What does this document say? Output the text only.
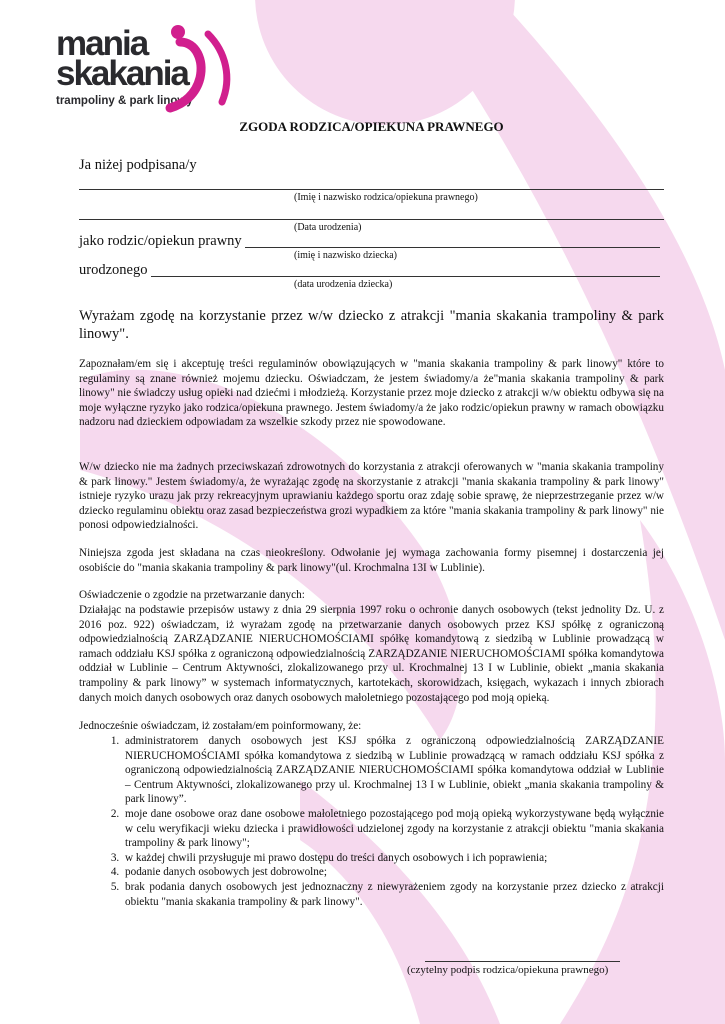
mania
skakania
trampoliny & park linowy
ZGODA RODZICA/OPIEKUNA PRAWNEGO
Ja niżej podpisana/y
(Imię i nazwisko rodzica/opiekuna prawnego)
(Data urodzenia)
jako rodzic/opiekun prawny
(imię i nazwisko dziecka)
urodzonego
(data urodzenia dziecka)
Wyrażam zgodę na korzystanie przez w/w dziecko z atrakcji "mania skakania trampoliny & park linowy".
Zapoznałam/em się i akceptuję treści regulaminów obowiązujących w "mania skakania trampoliny & park linowy" które to regulaminy są znane również mojemu dziecku. Oświadczam, że jestem świadomy/a że"mania skakania trampoliny & park linowy" nie świadczy usług opieki nad dziećmi i młodzieżą. Korzystanie przez moje dziecko z atrakcji w/w obiektu odbywa się na moje wyłączne ryzyko jako rodzica/opiekuna prawnego. Jestem świadomy/a że jako rodzic/opiekun prawny w ramach obowiązku nadzoru nad dzieckiem odpowiadam za wszelkie szkody przez nie spowodowane.
W/w dziecko nie ma żadnych przeciwskazań zdrowotnych do korzystania z atrakcji oferowanych w "mania skakania trampoliny & park linowy." Jestem świadomy/a, że wyrażając zgodę na skorzystanie z atrakcji "mania skakania trampoliny & park linowy" istnieje ryzyko urazu jak przy rekreacyjnym uprawianiu każdego sportu oraz zdaję sobie sprawę, że nieprzestrzeganie przez w/w dziecko regulaminu obiektu oraz zasad bezpieczeństwa grozi wypadkiem za które "mania skakania trampoliny & park linowy" nie ponosi odpowiedzialności.
Niniejsza zgoda jest składana na czas nieokreślony. Odwołanie jej wymaga zachowania formy pisemnej i dostarczenia jej osobiście do "mania skakania trampoliny & park linowy"(ul. Krochmalna 13I w Lublinie).
Oświadczenie o zgodzie na przetwarzanie danych:
Działając na podstawie przepisów ustawy z dnia 29 sierpnia 1997 roku o ochronie danych osobowych (tekst jednolity Dz. U. z 2016 poz. 922) oświadczam, iż wyrażam zgodę na przetwarzanie danych osobowych przez KSJ spółkę z ograniczoną odpowiedzialnością ZARZĄDZANIE NIERUCHOMOŚCIAMI spółkę komandytową z siedzibą w Lublinie prowadzącą w ramach oddziału KSJ spółka z ograniczoną odpowiedzialnością ZARZĄDZANIE NIERUCHOMOŚCIAMI spółka komandytowa oddział w Lublinie – Centrum Aktywności, zlokalizowanego przy ul. Krochmalnej 13 I w Lublinie, obiekt „mania skakania trampoliny & park linowy” w systemach informatycznych, kartotekach, skorowidzach, księgach, wykazach i innych zbiorach danych moich danych osobowych oraz danych osobowych małoletniego pozostającego pod moją opieką.
Jednocześnie oświadczam, iż zostałam/em poinformowany, że:
1. administratorem danych osobowych jest KSJ spółka z ograniczoną odpowiedzialnością ZARZĄDZANIE NIERUCHOMOŚCIAMI spółka komandytowa z siedzibą w Lublinie prowadzącą w ramach oddziału KSJ spółka z ograniczoną odpowiedzialnością ZARZĄDZANIE NIERUCHOMOŚCIAMI spółka komandytowa oddział w Lublinie – Centrum Aktywności, zlokalizowanego przy ul. Krochmalnej 13 I w Lublinie, obiekt „mania skakania trampoliny & park linowy”.
2. moje dane osobowe oraz dane osobowe małoletniego pozostającego pod moją opieką wykorzystywane będą wyłącznie w celu weryfikacji wieku dziecka i prawidłowości udzielonej zgody na korzystanie z atrakcji obiektu "mania skakania trampoliny & park linowy";
3. w każdej chwili przysługuje mi prawo dostępu do treści danych osobowych i ich poprawienia;
4. podanie danych osobowych jest dobrowolne;
5. brak podania danych osobowych jest jednoznaczny z niewyrażeniem zgody na korzystanie przez dziecko z atrakcji obiektu "mania skakania trampoliny & park linowy".
(czytelny podpis rodzica/opiekuna prawnego)
